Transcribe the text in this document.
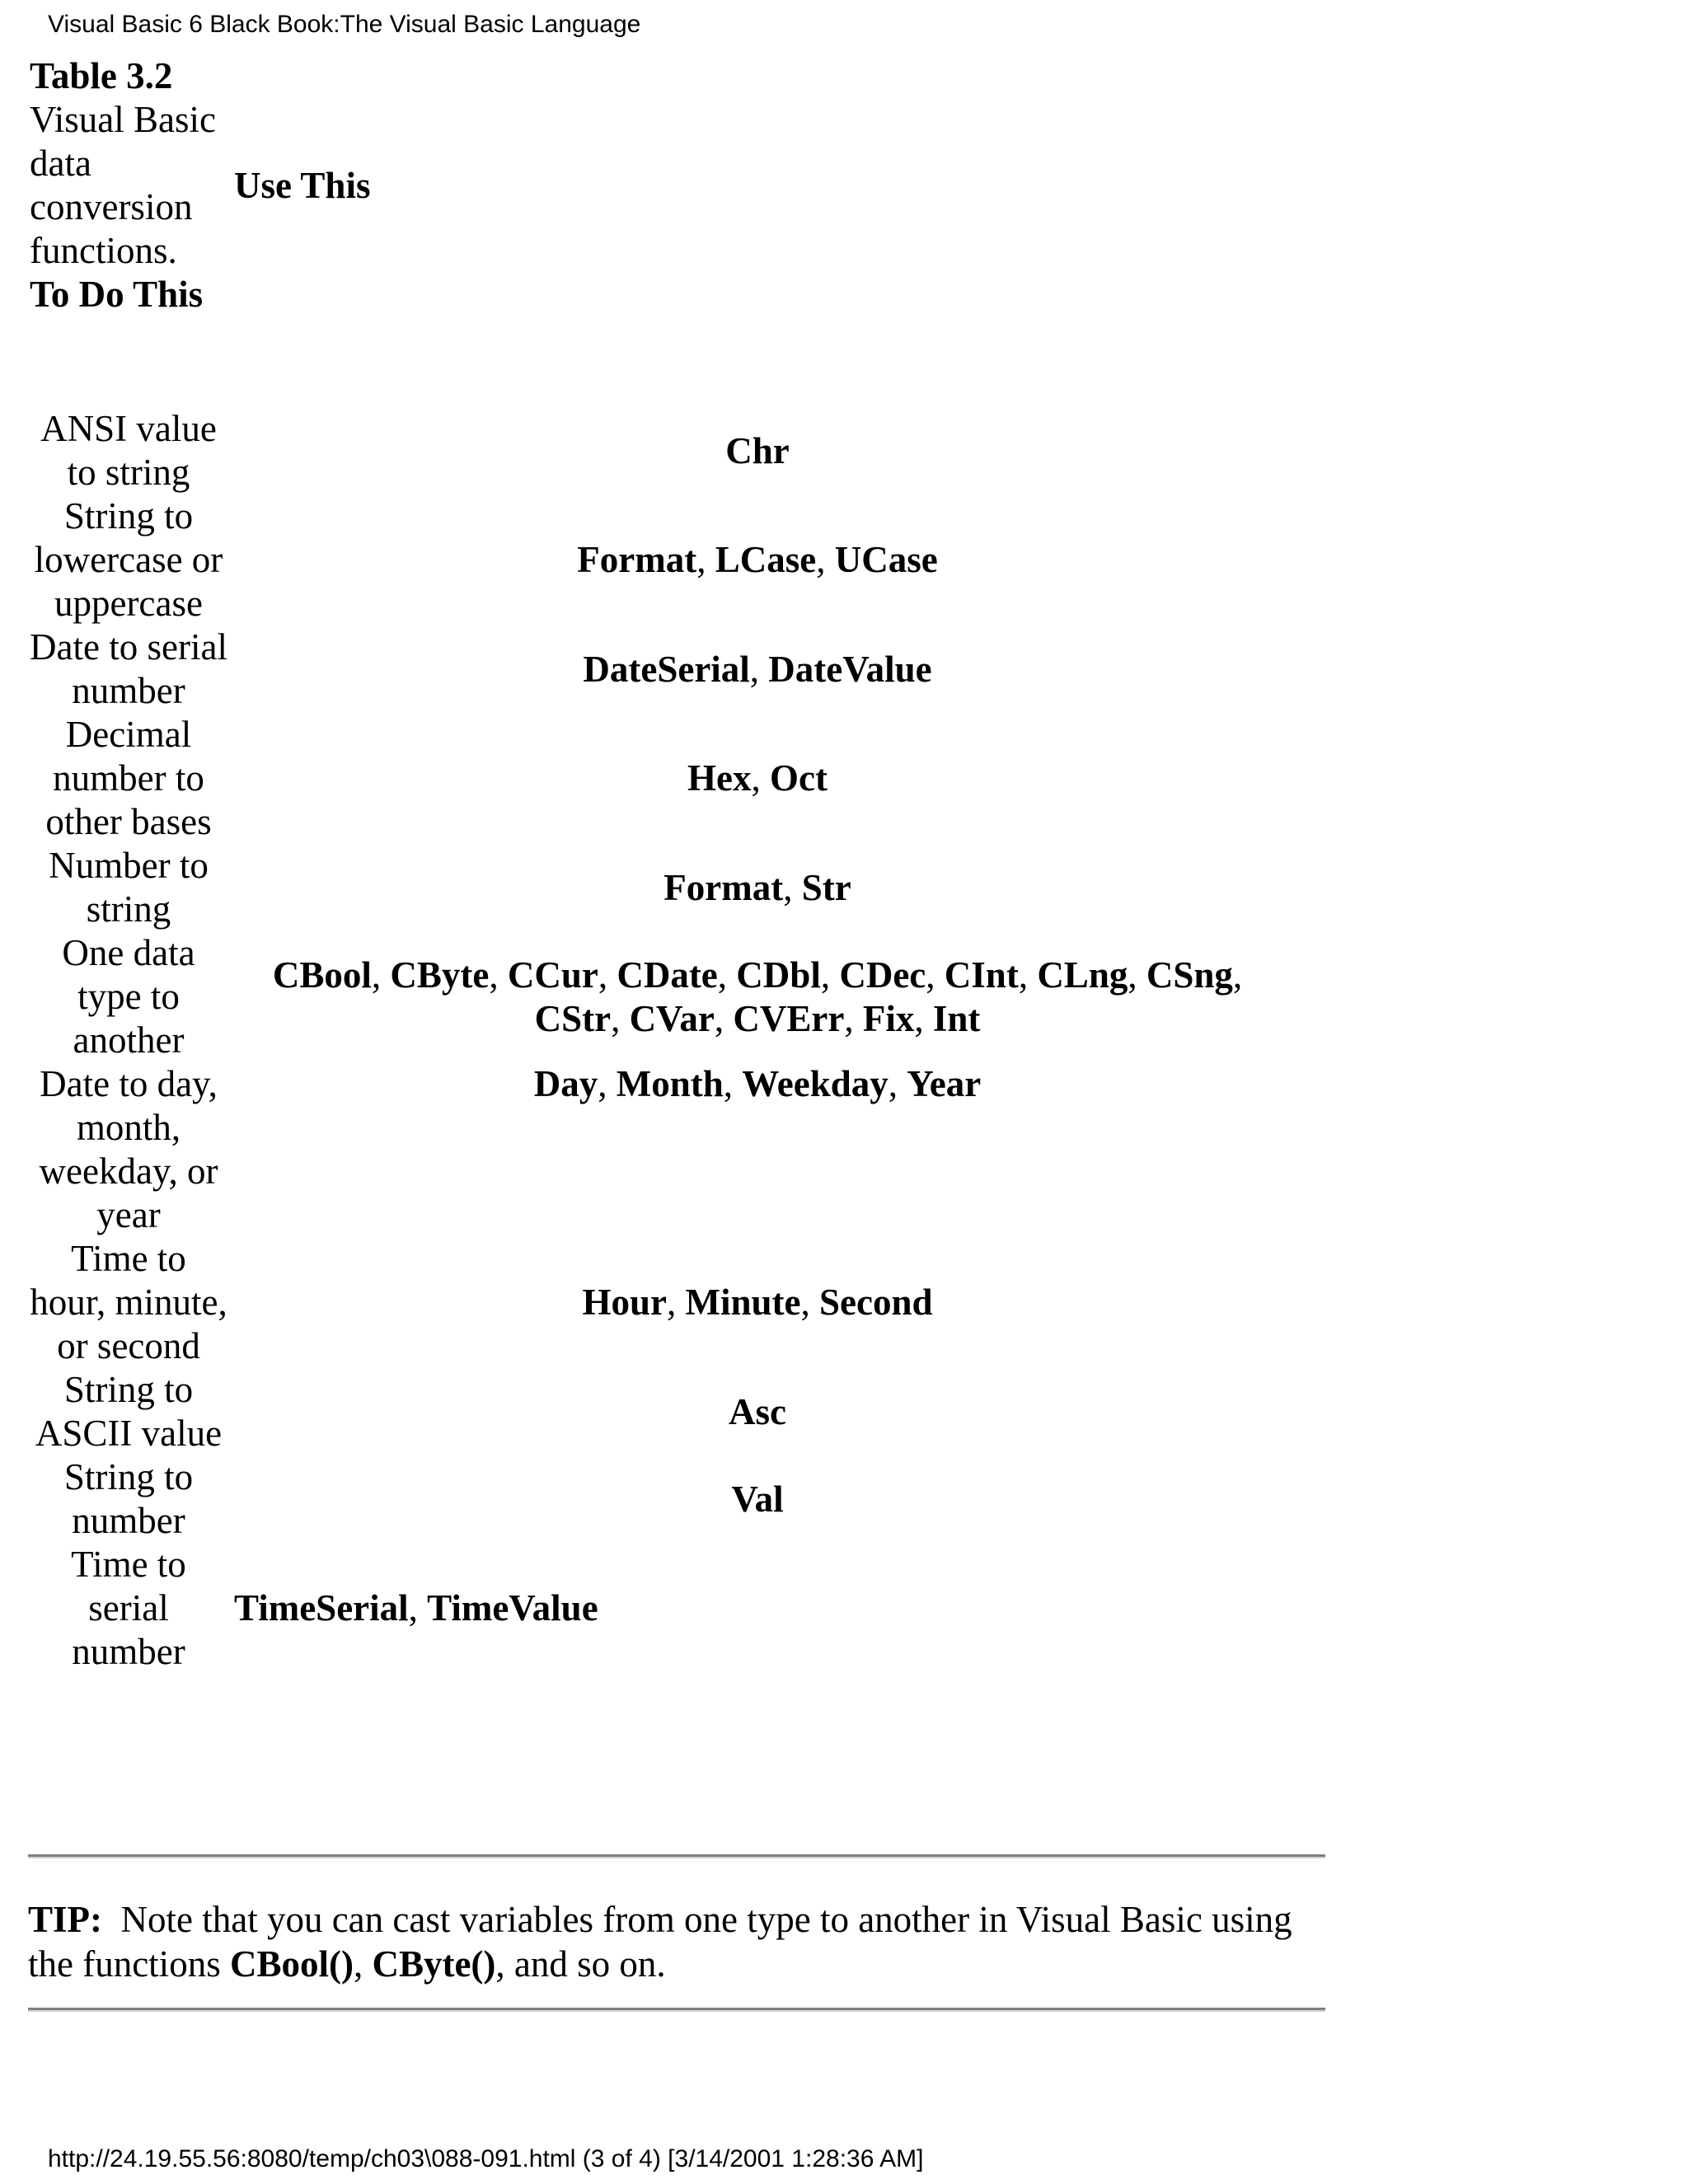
Visual Basic 6 Black Book:The Visual Basic Language
Table 3.2
Visual Basic data conversion functions.
To Do This	Use This

ANSI value to string	Chr
String to lowercase or uppercase	Format, LCase, UCase
Date to serial number	DateSerial, DateValue
Decimal number to other bases	Hex, Oct
Number to string	Format, Str
One data type to another	CBool, CByte, CCur, CDate, CDbl, CDec, CInt, CLng, CSng,
CStr, CVar, CVErr, Fix, Int
Date to day, month, weekday, or year	Day, Month, Weekday, Year
Time to hour, minute, or second	Hour, Minute, Second
String to ASCII value	Asc
String to number	Val
Time to serial number	TimeSerial, TimeValue
TIP: Note that you can cast variables from one type to another in Visual Basic using the functions CBool(), CByte(), and so on.
http://24.19.55.56:8080/temp/ch03\088-091.html (3 of 4) [3/14/2001 1:28:36 AM]
